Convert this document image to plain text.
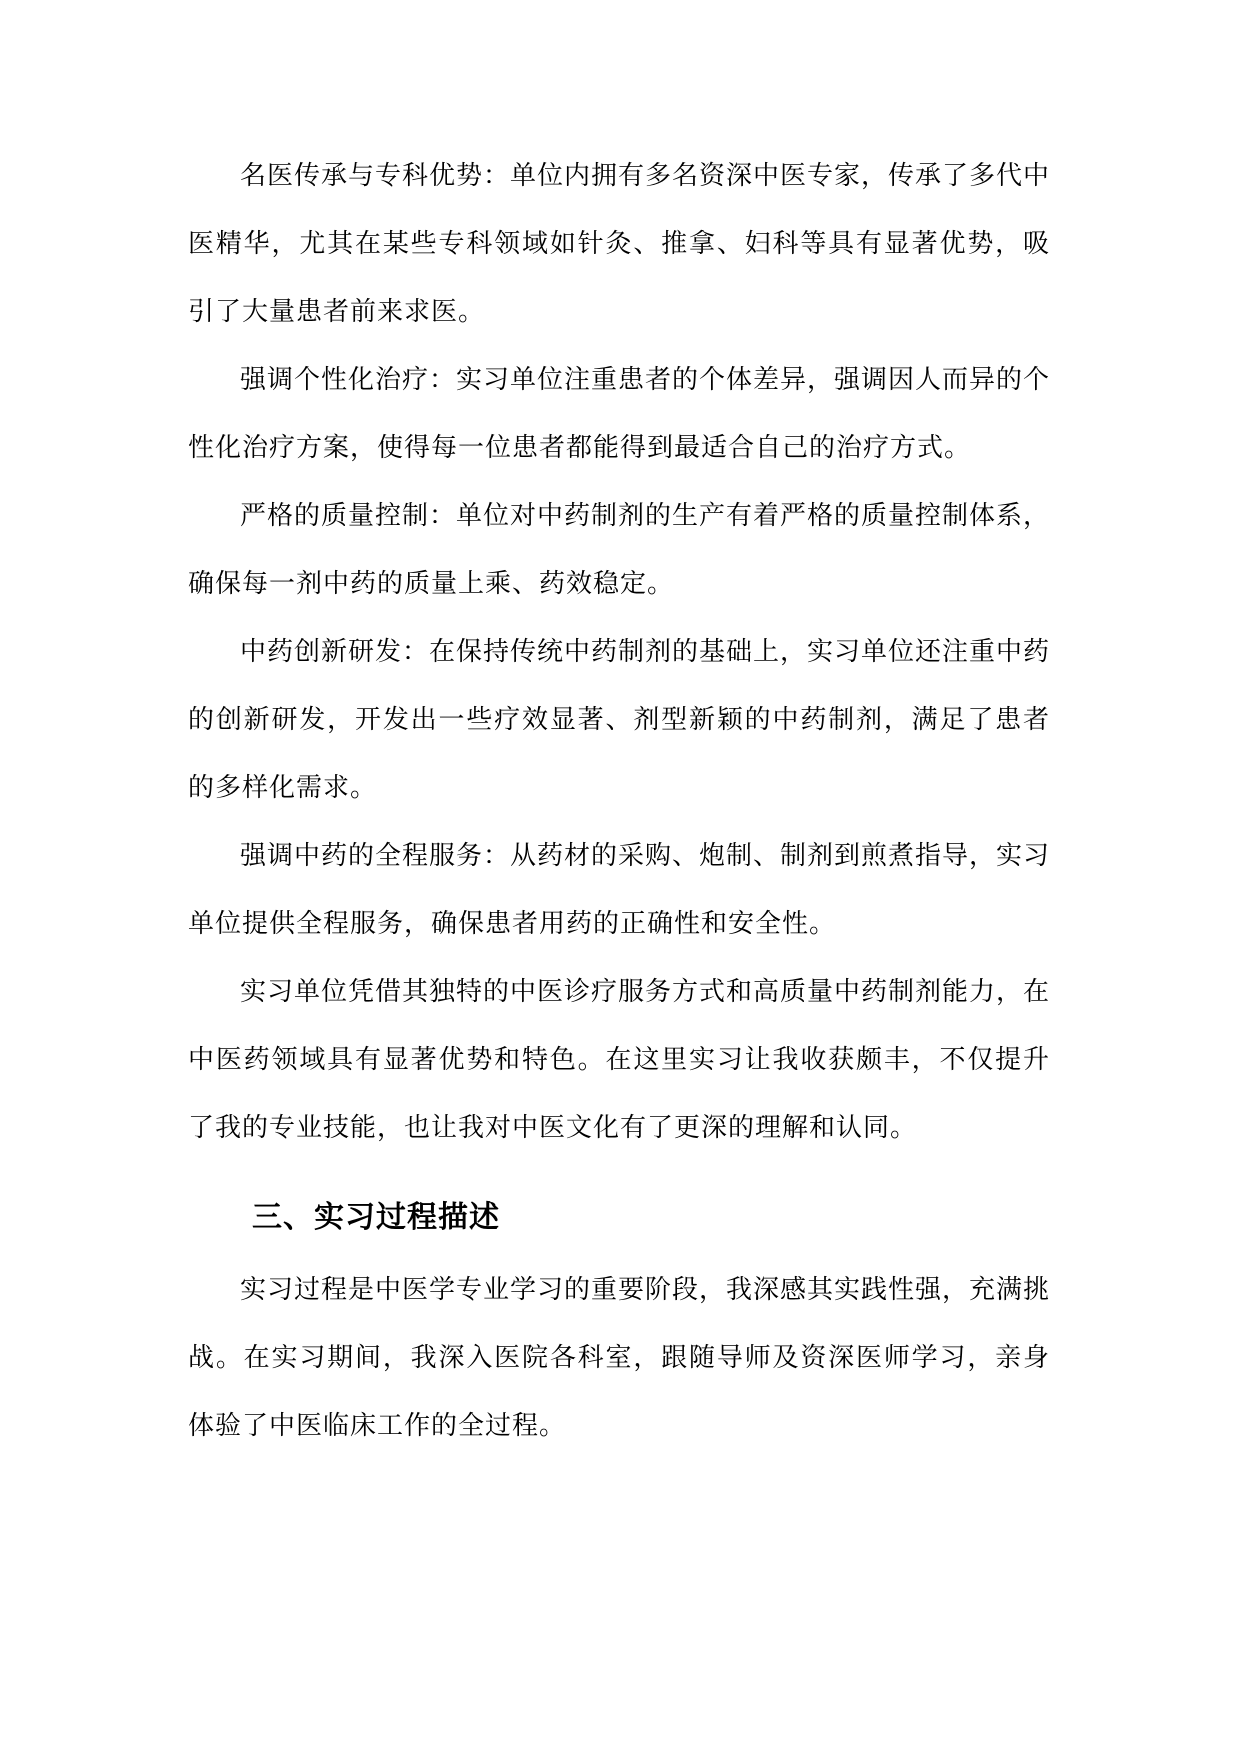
名医传承与专科优势：单位内拥有多名资深中医专家，传承了多代中医精华，尤其在某些专科领域如针灸、推拿、妇科等具有显著优势，吸引了大量患者前来求医。

强调个性化治疗：实习单位注重患者的个体差异，强调因人而异的个性化治疗方案，使得每一位患者都能得到最适合自己的治疗方式。

严格的质量控制：单位对中药制剂的生产有着严格的质量控制体系，确保每一剂中药的质量上乘、药效稳定。

中药创新研发：在保持传统中药制剂的基础上，实习单位还注重中药的创新研发，开发出一些疗效显著、剂型新颖的中药制剂，满足了患者的多样化需求。

强调中药的全程服务：从药材的采购、炮制、制剂到煎煮指导，实习单位提供全程服务，确保患者用药的正确性和安全性。

实习单位凭借其独特的中医诊疗服务方式和高质量中药制剂能力，在中医药领域具有显著优势和特色。在这里实习让我收获颇丰，不仅提升了我的专业技能，也让我对中医文化有了更深的理解和认同。

三、实习过程描述

实习过程是中医学专业学习的重要阶段，我深感其实践性强，充满挑战。在实习期间，我深入医院各科室，跟随导师及资深医师学习，亲身体验了中医临床工作的全过程。
